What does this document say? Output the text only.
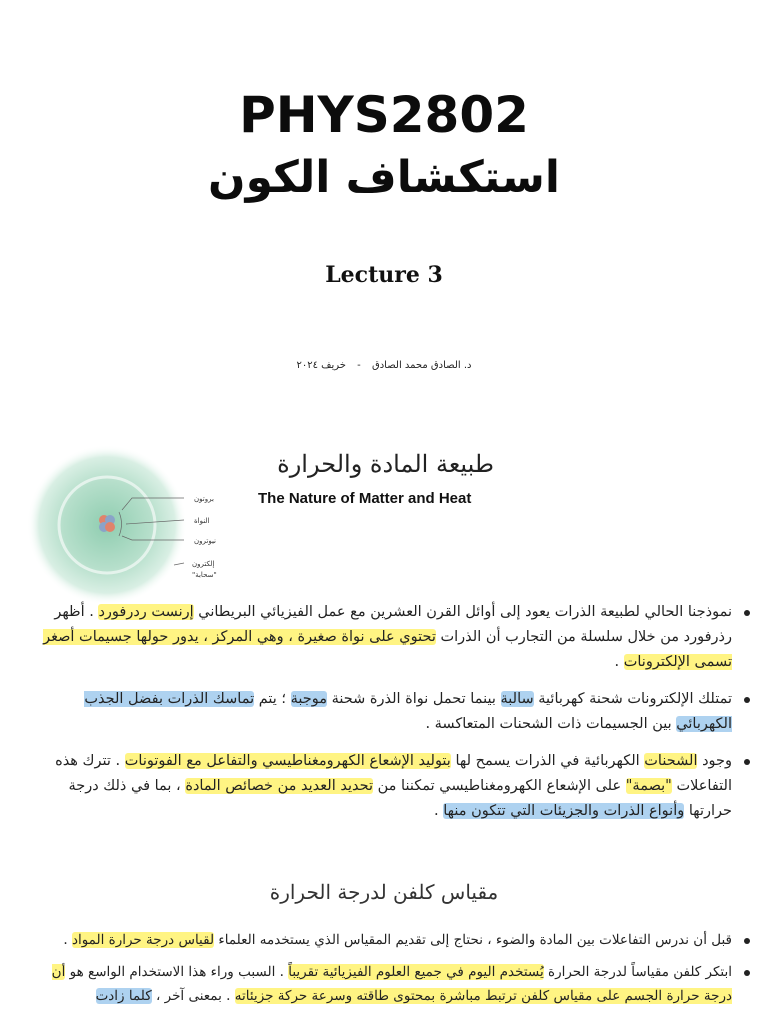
PHYS2802
استكشاف الكون
Lecture 3
د. الصادق محمد الصادق - خريف ٢٠٢٤
بروتون
النواة
نيوترون
إلكترون
"سحابة"
طبيعة المادة والحرارة
The Nature of Matter and Heat
نموذجنا الحالي لطبيعة الذرات يعود إلى أوائل القرن العشرين مع عمل الفيزيائي البريطاني إرنست ردرفورد . أظهر رذرفورد من خلال سلسلة من التجارب أن الذرات تحتوي على نواة صغيرة ، وهي المركز ، يدور حولها جسيمات أصغر تسمى الإلكترونات .
تمتلك الإلكترونات شحنة كهربائية سالبة بينما تحمل نواة الذرة شحنة موجبة ؛ يتم تماسك الذرات بفضل الجذب الكهربائي بين الجسيمات ذات الشحنات المتعاكسة .
وجود الشحنات الكهربائية في الذرات يسمح لها بتوليد الإشعاع الكهرومغناطيسي والتفاعل مع الفوتونات . تترك هذه التفاعلات "بصمة" على الإشعاع الكهرومغناطيسي تمكننا من تحديد العديد من خصائص المادة ، بما في ذلك درجة حرارتها وأنواع الذرات والجزيئات التي تتكون منها .
مقياس كلفن لدرجة الحرارة
قبل أن ندرس التفاعلات بين المادة والضوء ، نحتاج إلى تقديم المقياس الذي يستخدمه العلماء لقياس درجة حرارة المواد .
ابتكر كلفن مقياساً لدرجة الحرارة يُستخدم اليوم في جميع العلوم الفيزيائية تقريباً . السبب وراء هذا الاستخدام الواسع هو أن درجة حرارة الجسم على مقياس كلفن ترتبط مباشرة بمحتوى طاقته وسرعة حركة جزيئاته . بمعنى آخر ، كلما زادت
